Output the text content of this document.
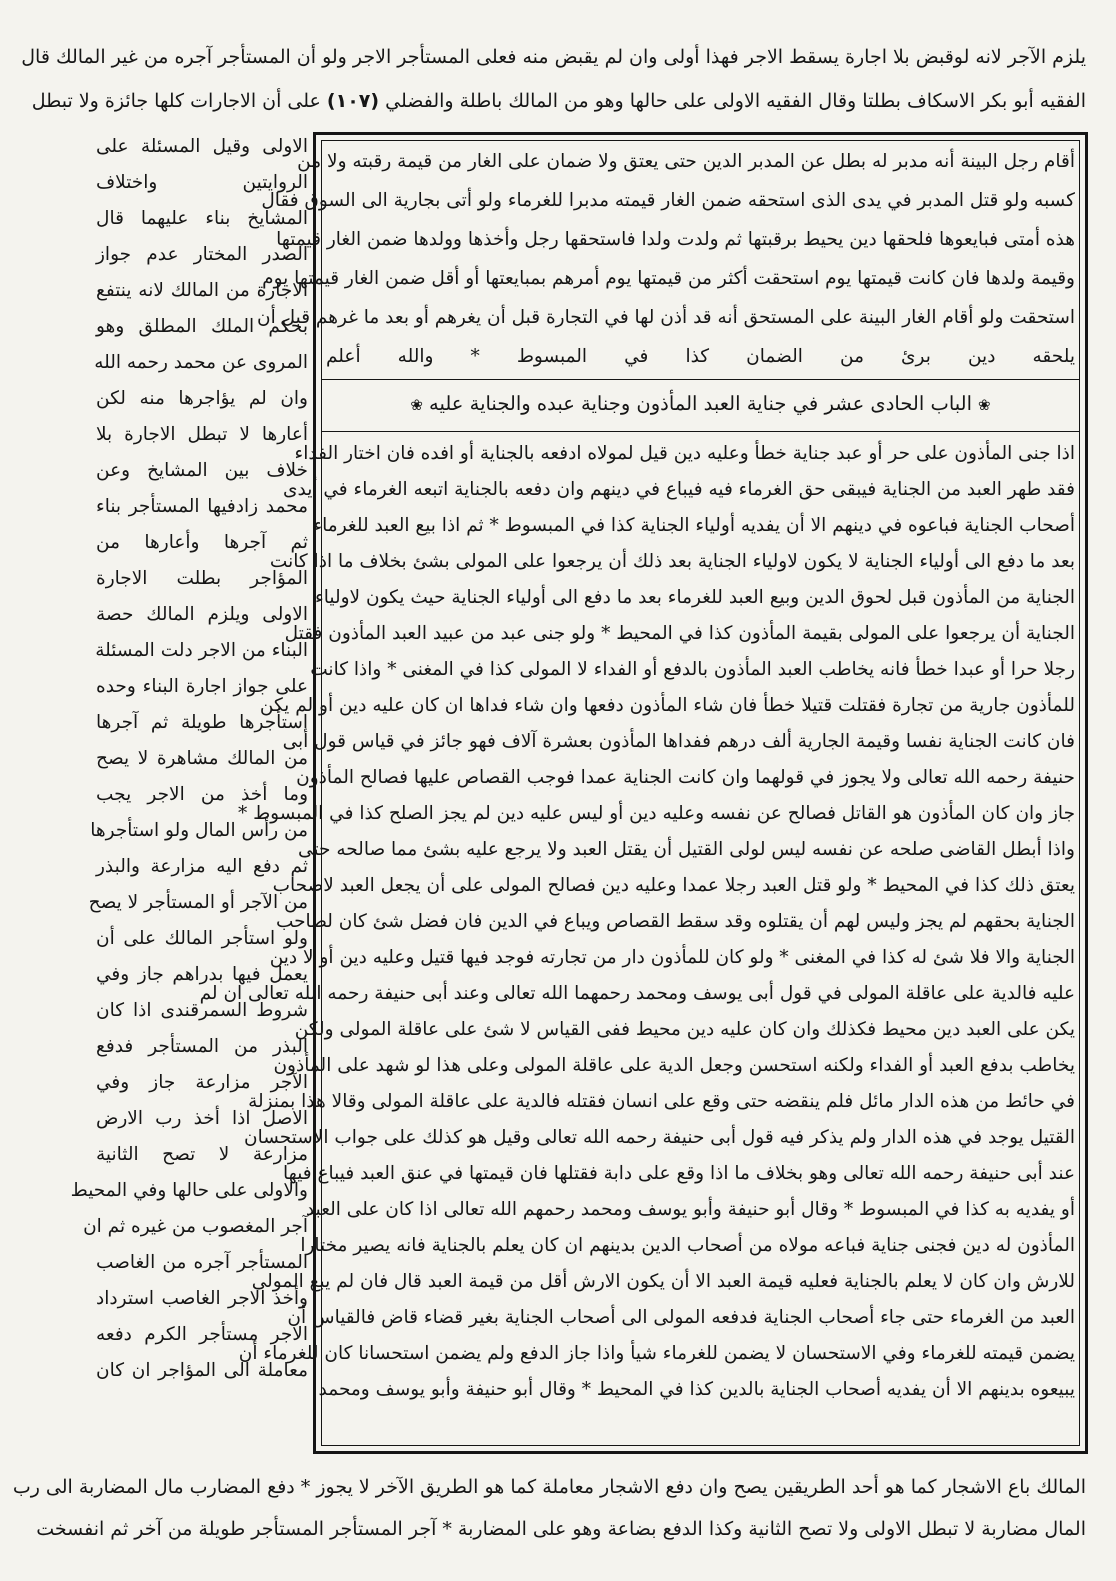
يلزم الآجر لانه لوقبض بلا اجارة يسقط الاجر فهذا أولى وان لم يقبض منه فعلى المستأجر الاجر ولو أن المستأجر آجره من غير المالك قال
الفقيه أبو بكر الاسكاف بطلتا وقال الفقيه الاولى على حالها وهو من المالك باطلة والفضلي (١٠٧) على أن الاجارات كلها جائزة ولا تبطل
الاولى وقيل المسئلة على
الروايتين واختلاف
المشايخ بناء عليهما قال
الصدر المختار عدم جواز
الاجارة من المالك لانه ينتفع
بحكم الملك المطلق وهو
المروى عن محمد رحمه الله
وان لم يؤاجرها منه لكن
أعارها لا تبطل الاجارة بلا
خلاف بين المشايخ وعن
محمد زادفيها المستأجر بناء
ثم آجرها وأعارها من
المؤاجر بطلت الاجارة
الاولى ويلزم المالك حصة
البناء من الاجر دلت المسئلة
على جواز اجارة البناء وحده
استأجرها طويلة ثم آجرها
من المالك مشاهرة لا يصح
وما أخذ من الاجر يجب
من رأس المال ولو استأجرها
ثم دفع اليه مزارعة والبذر
من الآجر أو المستأجر لا يصح
ولو استأجر المالك على أن
يعمل فيها بدراهم جاز وفي
شروط السمرقندى اذا كان
البذر من المستأجر فدفع
الآجر مزارعة جاز وفي
الاصل اذا أخذ رب الارض
مزارعة لا تصح الثانية
والاولى على حالها وفي المحيط
آجر المغصوب من غيره ثم ان
المستأجر آجره من الغاصب
وأخذ الاجر الغاصب استرداد
الاجر مستأجر الكرم دفعه
معاملة الى المؤاجر ان كان
أقام رجل البينة أنه مدبر له بطل عن المدبر الدين حتى يعتق ولا ضمان على الغار من قيمة رقبته ولا من
كسبه ولو قتل المدبر في يدى الذى استحقه ضمن الغار قيمته مدبرا للغرماء ولو أتى بجارية الى السوق فقال
هذه أمتى فبايعوها فلحقها دين يحيط برقبتها ثم ولدت ولدا فاستحقها رجل وأخذها وولدها ضمن الغار قيمتها
وقيمة ولدها فان كانت قيمتها يوم استحقت أكثر من قيمتها يوم أمرهم بمبايعتها أو أقل ضمن الغار قيمتها يوم
استحقت ولو أقام الغار البينة على المستحق أنه قد أذن لها في التجارة قبل أن يغرهم أو بعد ما غرهم قبل أن
يلحقه دين برئ من الضمان كذا في المبسوط * والله أعلم
❀الباب الحادى عشر في جناية العبد المأذون وجناية عبده والجناية عليه❀
اذا جنى المأذون على حر أو عبد جناية خطأ وعليه دين قيل لمولاه ادفعه بالجناية أو افده فان اختار الفداء
فقد طهر العبد من الجناية فيبقى حق الغرماء فيه فيباع في دينهم وان دفعه بالجناية اتبعه الغرماء في أيدى
أصحاب الجناية فباعوه في دينهم الا أن يفديه أولياء الجناية كذا في المبسوط * ثم اذا بيع العبد للغرماء
بعد ما دفع الى أولياء الجناية لا يكون لاولياء الجناية بعد ذلك أن يرجعوا على المولى بشئ بخلاف ما اذا كانت
الجناية من المأذون قبل لحوق الدين وبيع العبد للغرماء بعد ما دفع الى أولياء الجناية حيث يكون لاولياء
الجناية أن يرجعوا على المولى بقيمة المأذون كذا في المحيط * ولو جنى عبد من عبيد العبد المأذون فقتل
رجلا حرا أو عبدا خطأ فانه يخاطب العبد المأذون بالدفع أو الفداء لا المولى كذا في المغنى * واذا كانت
للمأذون جارية من تجارة فقتلت قتيلا خطأ فان شاء المأذون دفعها وان شاء فداها ان كان عليه دين أو لم يكن
فان كانت الجناية نفسا وقيمة الجارية ألف درهم ففداها المأذون بعشرة آلاف فهو جائز في قياس قول أبى
حنيفة رحمه الله تعالى ولا يجوز في قولهما وان كانت الجناية عمدا فوجب القصاص عليها فصالح المأذون
جاز وان كان المأذون هو القاتل فصالح عن نفسه وعليه دين أو ليس عليه دين لم يجز الصلح كذا في المبسوط *
واذا أبطل القاضى صلحه عن نفسه ليس لولى القتيل أن يقتل العبد ولا يرجع عليه بشئ مما صالحه حتى
يعتق ذلك كذا في المحيط * ولو قتل العبد رجلا عمدا وعليه دين فصالح المولى على أن يجعل العبد لاصحاب
الجناية بحقهم لم يجز وليس لهم أن يقتلوه وقد سقط القصاص ويباع في الدين فان فضل شئ كان لصاحب
الجناية والا فلا شئ له كذا في المغنى * ولو كان للمأذون دار من تجارته فوجد فيها قتيل وعليه دين أو لا دين
عليه فالدية على عاقلة المولى في قول أبى يوسف ومحمد رحمهما الله تعالى وعند أبى حنيفة رحمه الله تعالى ان لم
يكن على العبد دين محيط فكذلك وان كان عليه دين محيط ففى القياس لا شئ على عاقلة المولى ولكن
يخاطب بدفع العبد أو الفداء ولكنه استحسن وجعل الدية على عاقلة المولى وعلى هذا لو شهد على المأذون
في حائط من هذه الدار مائل فلم ينقضه حتى وقع على انسان فقتله فالدية على عاقلة المولى وقالا هذا بمنزلة
القتيل يوجد في هذه الدار ولم يذكر فيه قول أبى حنيفة رحمه الله تعالى وقيل هو كذلك على جواب الاستحسان
عند أبى حنيفة رحمه الله تعالى وهو بخلاف ما اذا وقع على دابة فقتلها فان قيمتها في عنق العبد فيباع فيها
أو يفديه به كذا في المبسوط * وقال أبو حنيفة وأبو يوسف ومحمد رحمهم الله تعالى اذا كان على العبد
المأذون له دين فجنى جناية فباعه مولاه من أصحاب الدين بدينهم ان كان يعلم بالجناية فانه يصير مختارا
للارش وان كان لا يعلم بالجناية فعليه قيمة العبد الا أن يكون الارش أقل من قيمة العبد قال فان لم يبع المولى
العبد من الغرماء حتى جاء أصحاب الجناية فدفعه المولى الى أصحاب الجناية بغير قضاء قاض فالقياس أن
يضمن قيمته للغرماء وفي الاستحسان لا يضمن للغرماء شيأ واذا جاز الدفع ولم يضمن استحسانا كان للغرماء أن
يبيعوه بدينهم الا أن يفديه أصحاب الجناية بالدين كذا في المحيط * وقال أبو حنيفة وأبو يوسف ومحمد
المالك باع الاشجار كما هو أحد الطريقين يصح وان دفع الاشجار معاملة كما هو الطريق الآخر لا يجوز * دفع المضارب مال المضاربة الى رب
المال مضاربة لا تبطل الاولى ولا تصح الثانية وكذا الدفع بضاعة وهو على المضاربة * آجر المستأجر المستأجر طويلة من آخر ثم انفسخت
